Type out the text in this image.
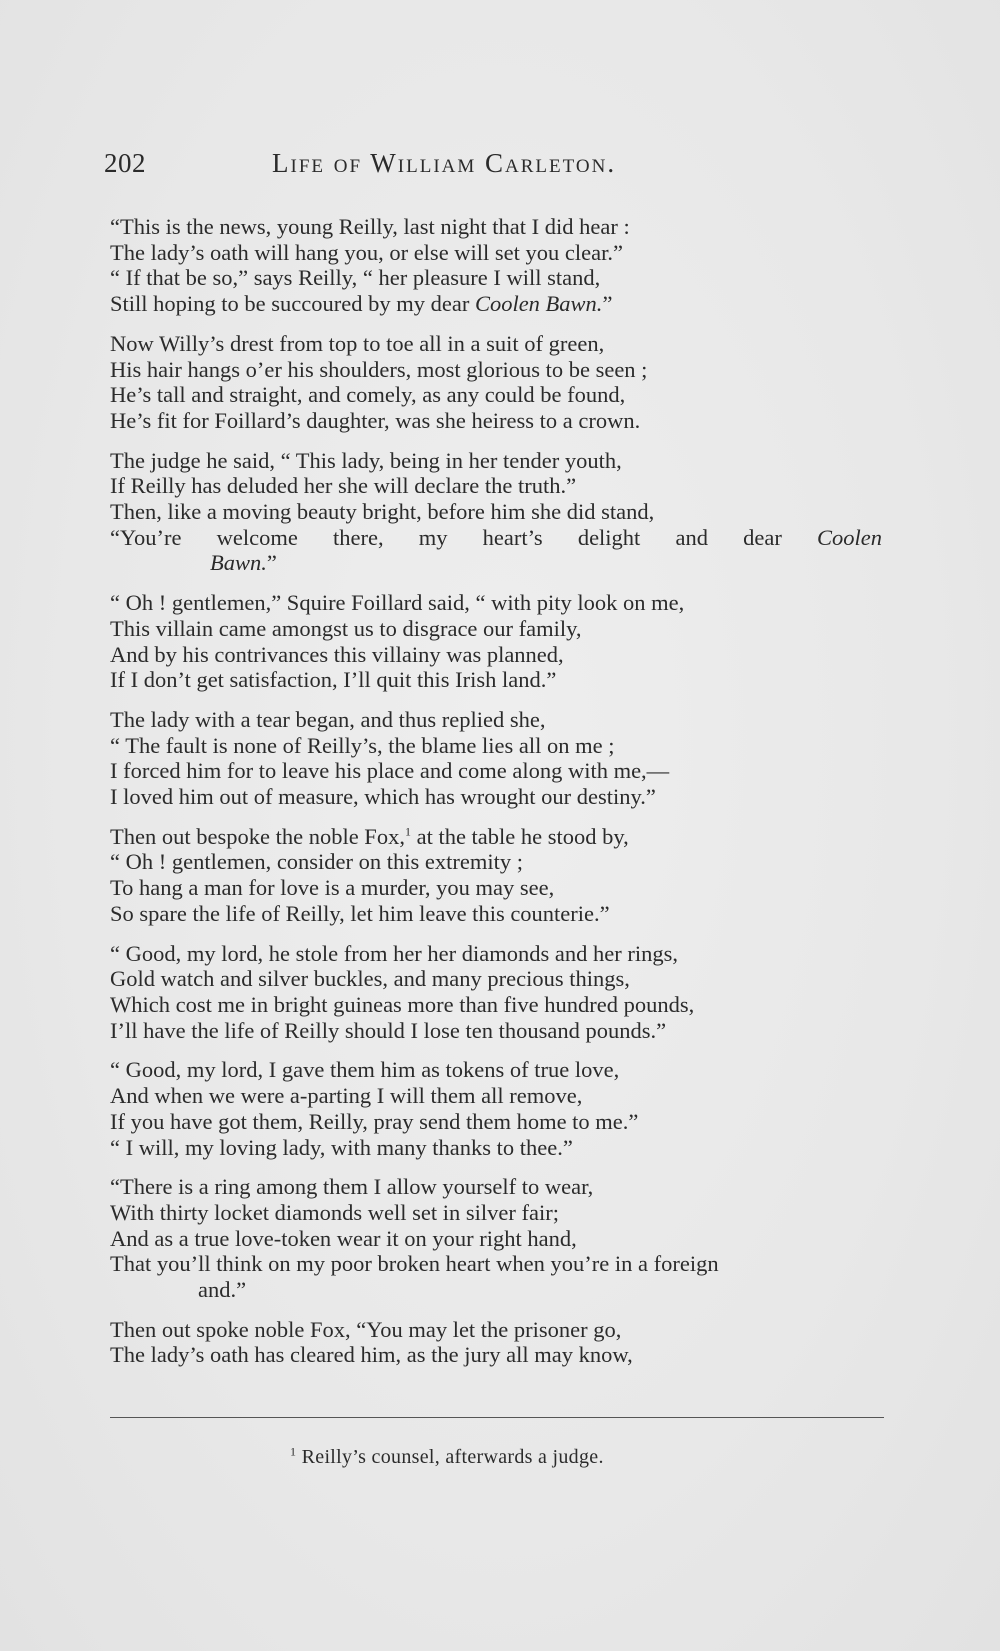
202	Life of William Carleton.
“This is the news, young Reilly, last night that I did hear :
The lady’s oath will hang you, or else will set you clear.”
“ If that be so,” says Reilly, “ her pleasure I will stand,
Still hoping to be succoured by my dear Coolen Bawn.”
Now Willy’s drest from top to toe all in a suit of green,
His hair hangs o’er his shoulders, most glorious to be seen ;
He’s tall and straight, and comely, as any could be found,
He’s fit for Foillard’s daughter, was she heiress to a crown.
The judge he said, “ This lady, being in her tender youth,
If Reilly has deluded her she will declare the truth.”
Then, like a moving beauty bright, before him she did stand,
“You’re welcome there, my heart’s delight and dear Coolen
Bawn.”
“ Oh ! gentlemen,” Squire Foillard said, “ with pity look on me,
This villain came amongst us to disgrace our family,
And by his contrivances this villainy was planned,
If I don’t get satisfaction, I’ll quit this Irish land.”
The lady with a tear began, and thus replied she,
“ The fault is none of Reilly’s, the blame lies all on me ;
I forced him for to leave his place and come along with me,—
I loved him out of measure, which has wrought our destiny.”
Then out bespoke the noble Fox,$^1$ at the table he stood by,
“ Oh ! gentlemen, consider on this extremity ;
To hang a man for love is a murder, you may see,
So spare the life of Reilly, let him leave this counterie.”
“ Good, my lord, he stole from her her diamonds and her rings,
Gold watch and silver buckles, and many precious things,
Which cost me in bright guineas more than five hundred pounds,
I’ll have the life of Reilly should I lose ten thousand pounds.”
“ Good, my lord, I gave them him as tokens of true love,
And when we were a-parting I will them all remove,
If you have got them, Reilly, pray send them home to me.”
“ I will, my loving lady, with many thanks to thee.”
“There is a ring among them I allow yourself to wear,
With thirty locket diamonds well set in silver fair;
And as a true love-token wear it on your right hand,
That you’ll think on my poor broken heart when you’re in a foreign
and.”
Then out spoke noble Fox, “You may let the prisoner go,
The lady’s oath has cleared him, as the jury all may know,
$^1$ Reilly’s counsel, afterwards a judge.
